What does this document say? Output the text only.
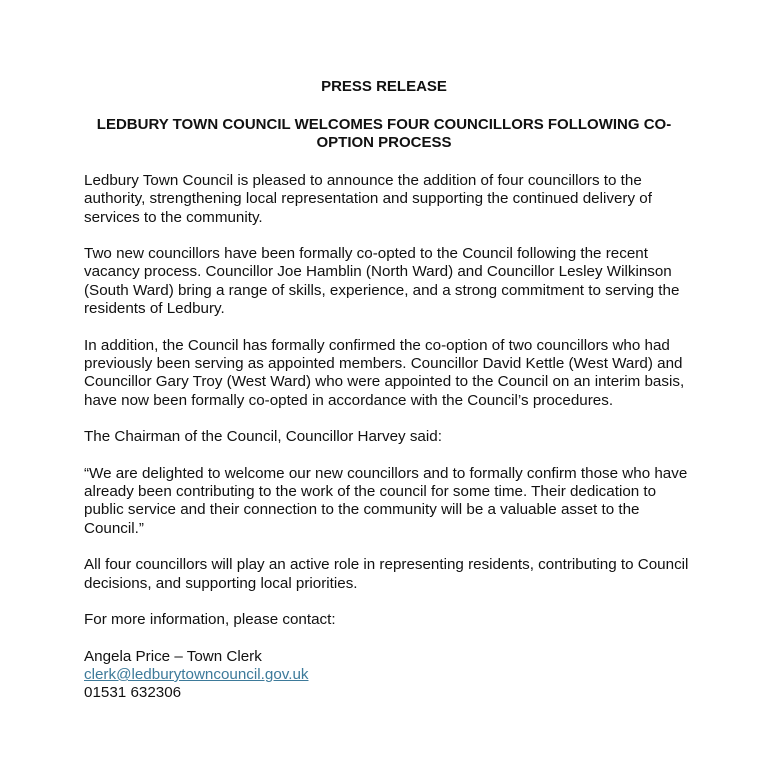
PRESS RELEASE

LEDBURY TOWN COUNCIL WELCOMES FOUR COUNCILLORS FOLLOWING CO-OPTION PROCESS

Ledbury Town Council is pleased to announce the addition of four councillors to the authority, strengthening local representation and supporting the continued delivery of services to the community.

Two new councillors have been formally co-opted to the Council following the recent vacancy process. Councillor Joe Hamblin (North Ward) and Councillor Lesley Wilkinson (South Ward) bring a range of skills, experience, and a strong commitment to serving the residents of Ledbury.

In addition, the Council has formally confirmed the co-option of two councillors who had previously been serving as appointed members. Councillor David Kettle (West Ward) and Councillor Gary Troy (West Ward) who were appointed to the Council on an interim basis, have now been formally co-opted in accordance with the Council’s procedures.

The Chairman of the Council, Councillor Harvey said:

“We are delighted to welcome our new councillors and to formally confirm those who have already been contributing to the work of the council for some time. Their dedication to public service and their connection to the community will be a valuable asset to the Council.”

All four councillors will play an active role in representing residents, contributing to Council decisions, and supporting local priorities.

For more information, please contact:

Angela Price – Town Clerk
clerk@ledburytowncouncil.gov.uk
01531 632306
